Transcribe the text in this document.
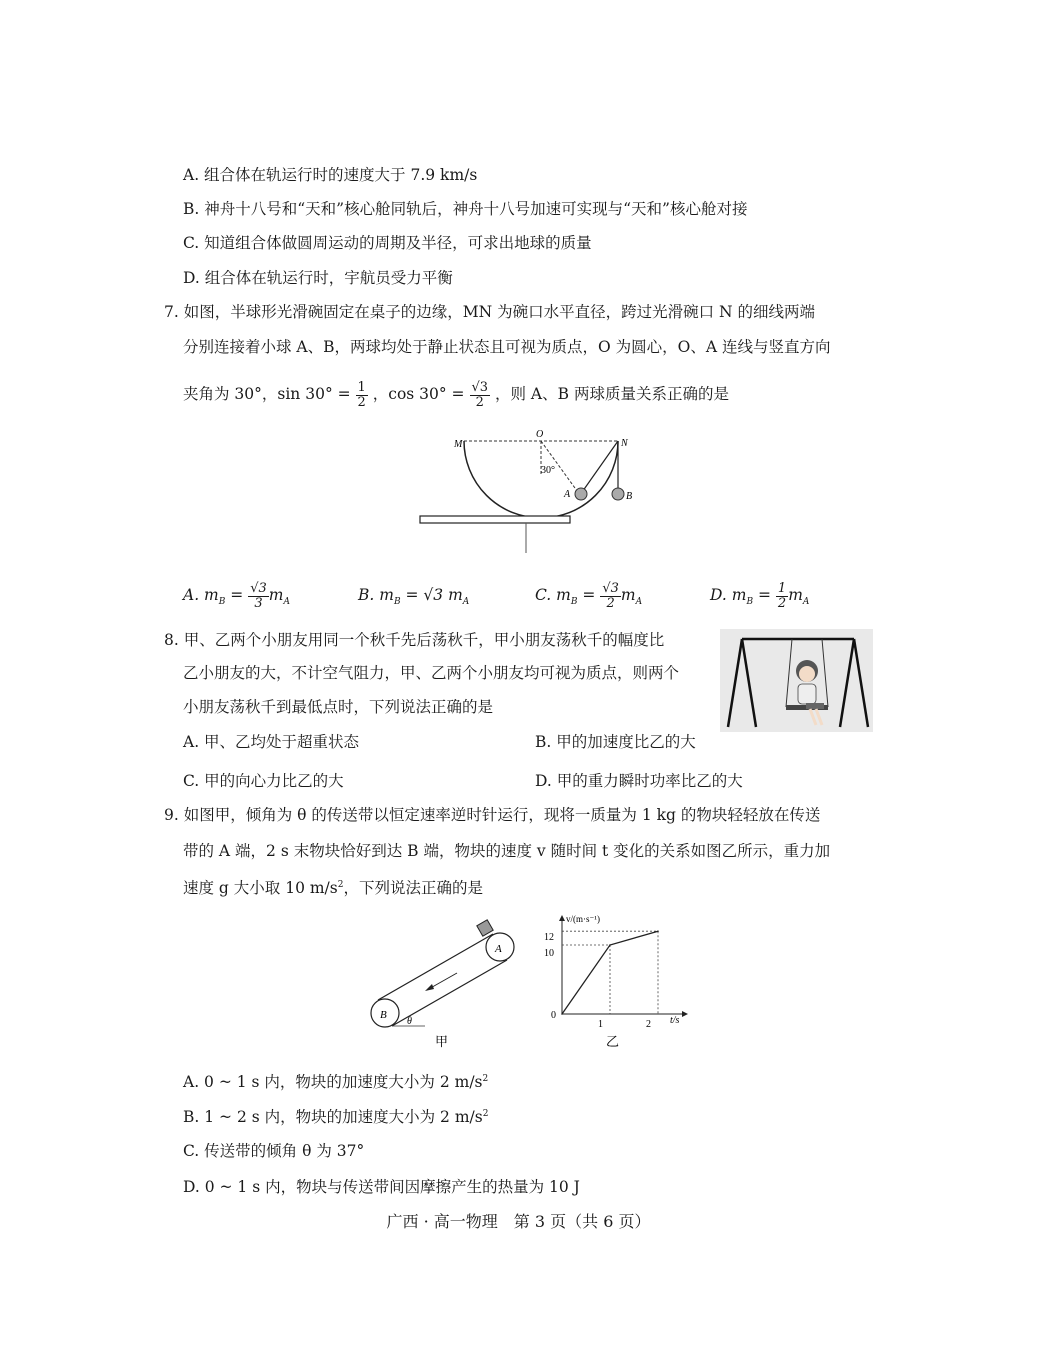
A. 组合体在轨运行时的速度大于 7.9 km/s
B. 神舟十八号和“天和”核心舱同轨后，神舟十八号加速可实现与“天和”核心舱对接
C. 知道组合体做圆周运动的周期及半径，可求出地球的质量
D. 组合体在轨运行时，宇航员受力平衡
7. 如图，半球形光滑碗固定在桌子的边缘，MN 为碗口水平直径，跨过光滑碗口 N 的细线两端
分别连接着小球 A、B，两球均处于静止状态且可视为质点，O 为圆心，O、A 连线与竖直方向
夹角为 30°，$\sin 30^\circ = \frac{1}{2}$ ，$\cos 30^\circ = \frac{√3}{2}$ ，则 A、B 两球质量关系正确的是
M
O
N
30°
A	B
A. $m_B = \frac{√3}{3} m_A$	B. $m_B = √3$ $m_A$	C. $m_B = \frac{√3}{2} m_A$	D. $m_B = \frac{1}{2} m_A$
8. 甲、乙两个小朋友用同一个秋千先后荡秋千，甲小朋友荡秋千的幅度比
乙小朋友的大，不计空气阻力，甲、乙两个小朋友均可视为质点，则两个
小朋友荡秋千到最低点时，下列说法正确的是
A. 甲、乙均处于超重状态	B. 甲的加速度比乙的大
C. 甲的向心力比乙的大	D. 甲的重力瞬时功率比乙的大
9. 如图甲，倾角为 θ 的传送带以恒定速率逆时针运行，现将一质量为 1 kg 的物块轻轻放在传送
带的 A 端，2 s 末物块恰好到达 B 端，物块的速度 v 随时间 t 变化的关系如图乙所示，重力加
速度 g 大小取 10 $m/s^2$，下列说法正确的是
A
B
θ
甲
v/(m·s⁻¹)
t/s
12
10
0
1	2
乙
A. 0 ~ 1 s 内，物块的加速度大小为 2 $m/s^2$
B. 1 ~ 2 s 内，物块的加速度大小为 2 $m/s^2$
C. 传送带的倾角 θ 为 37°
D. 0 ~ 1 s 内，物块与传送带间因摩擦产生的热量为 10 J
广西 · 高一物理　第 3 页（共 6 页）
